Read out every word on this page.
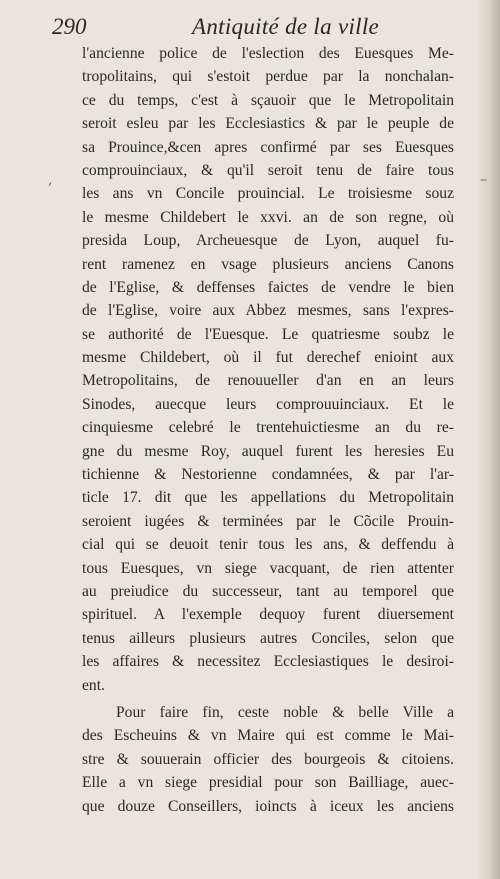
290	Antiquité de la ville
,	–
l'ancienne police de l'eslection des Euesques Me-
tropolitains, qui s'estoit perdue par la nonchalan-
ce du temps, c'est à sçauoir que le Metropolitain
seroit esleu par les Ecclesiastics & par le peuple de
sa Prouince,&cen apres confirmé par ses Euesques
comprouinciaux, & qu'il seroit tenu de faire tous
les ans vn Concile prouincial. Le troisiesme souz
le mesme Childebert le xxvi. an de son regne, où
presida Loup, Archeuesque de Lyon, auquel fu-
rent ramenez en vsage plusieurs anciens Canons
de l'Eglise, & deffenses faictes de vendre le bien
de l'Eglise, voire aux Abbez mesmes, sans l'expres-
se authorité de l'Euesque. Le quatriesme soubz le
mesme Childebert, où il fut derechef enioint aux
Metropolitains, de renouueller d'an en an leurs
Sinodes, auecque leurs comprouuinciaux. Et le
cinquiesme celebré le trentehuictiesme an du re-
gne du mesme Roy, auquel furent les heresies Eu
tichienne & Nestorienne condamnées, & par l'ar-
ticle 17. dit que les appellations du Metropolitain
seroient iugées & terminées par le Cõcile Prouin-
cial qui se deuoit tenir tous les ans, & deffendu à
tous Euesques, vn siege vacquant, de rien attenter
au preiudice du successeur, tant au temporel que
spirituel. A l'exemple dequoy furent diuersement
tenus ailleurs plusieurs autres Conciles, selon que
les affaires & necessitez Ecclesiastiques le desiroi-
ent.
Pour faire fin, ceste noble & belle Ville a
des Escheuins & vn Maire qui est comme le Mai-
stre & souuerain officier des bourgeois & citoiens.
Elle a vn siege presidial pour son Bailliage, auec-
que douze Conseillers, ioincts à iceux les anciens
